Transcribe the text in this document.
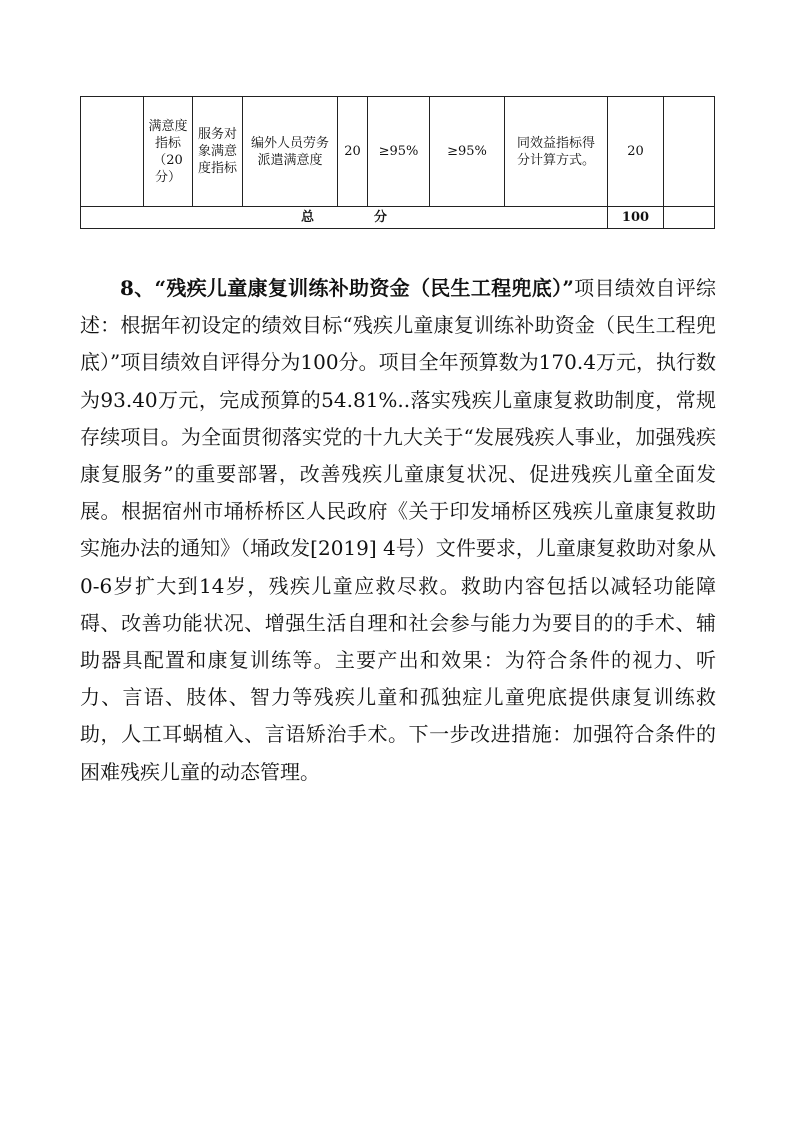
	满意度指标（20分）	服务对象满意度指标	编外人员劳务派遣满意度	20	≥95%	≥95%	同效益指标得分计算方式。	20	
总 分								100	

8、“残疾儿童康复训练补助资金（民生工程兜底）”项目绩效自评综述：根据年初设定的绩效目标“残疾儿童康复训练补助资金（民生工程兜底）”项目绩效自评得分为100分。项目全年预算数为170.4万元，执行数为93.40万元，完成预算的54.81%..落实残疾儿童康复救助制度，常规存续项目。为全面贯彻落实党的十九大关于“发展残疾人事业，加强残疾康复服务”的重要部署，改善残疾儿童康复状况、促进残疾儿童全面发展。根据宿州市埇桥桥区人民政府《关于印发埇桥区残疾儿童康复救助实施办法的通知》（埇政发[2019] 4号）文件要求，儿童康复救助对象从0-6岁扩大到14岁，残疾儿童应救尽救。救助内容包括以减轻功能障碍、改善功能状况、增强生活自理和社会参与能力为要目的的手术、辅助器具配置和康复训练等。主要产出和效果：为符合条件的视力、听力、言语、肢体、智力等残疾儿童和孤独症儿童兜底提供康复训练救助，人工耳蜗植入、言语矫治手术。下一步改进措施：加强符合条件的困难残疾儿童的动态管理。
